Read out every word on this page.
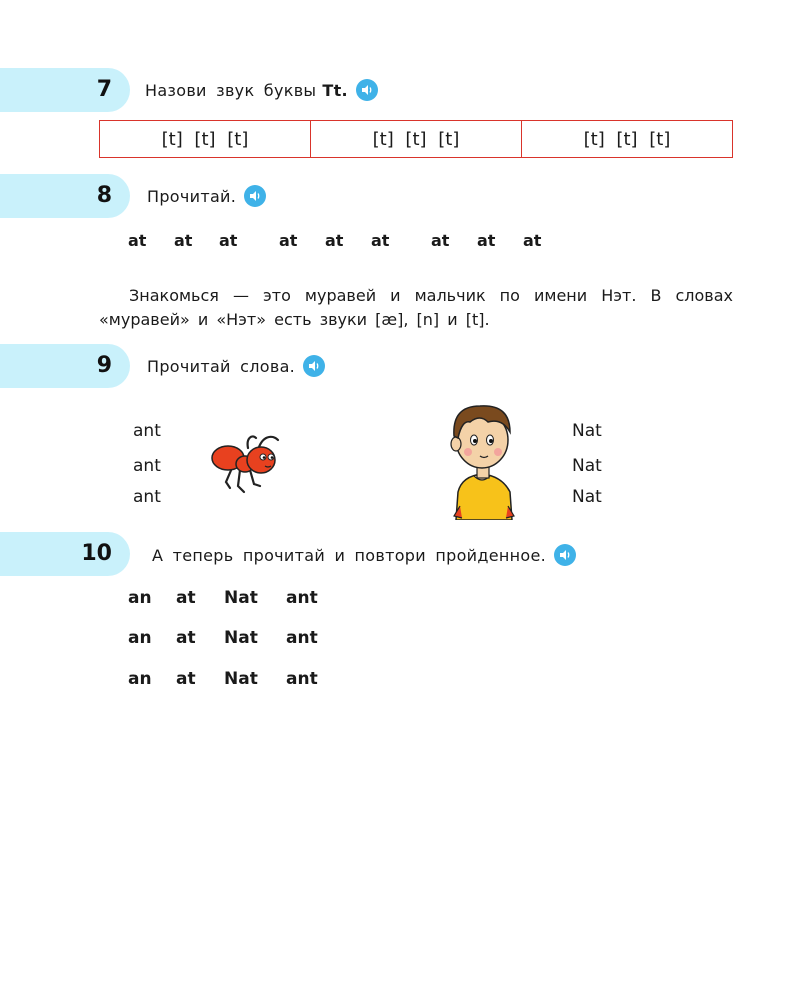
7 Назови звук буквы Tt.
[t] [t] [t]	[t] [t] [t]	[t] [t] [t]
8 Прочитай.
at at at	at at at	at at at
Знакомься — это муравей и мальчик по имени Нэт. В словах «муравей» и «Нэт» есть звуки [æ], [n] и [t].
9 Прочитай слова.
ant
ant
ant
Nat
Nat
Nat
10	А теперь прочитай и повтори пройденное.
an	at	Nat	ant
an	at	Nat	ant
an	at	Nat	ant
